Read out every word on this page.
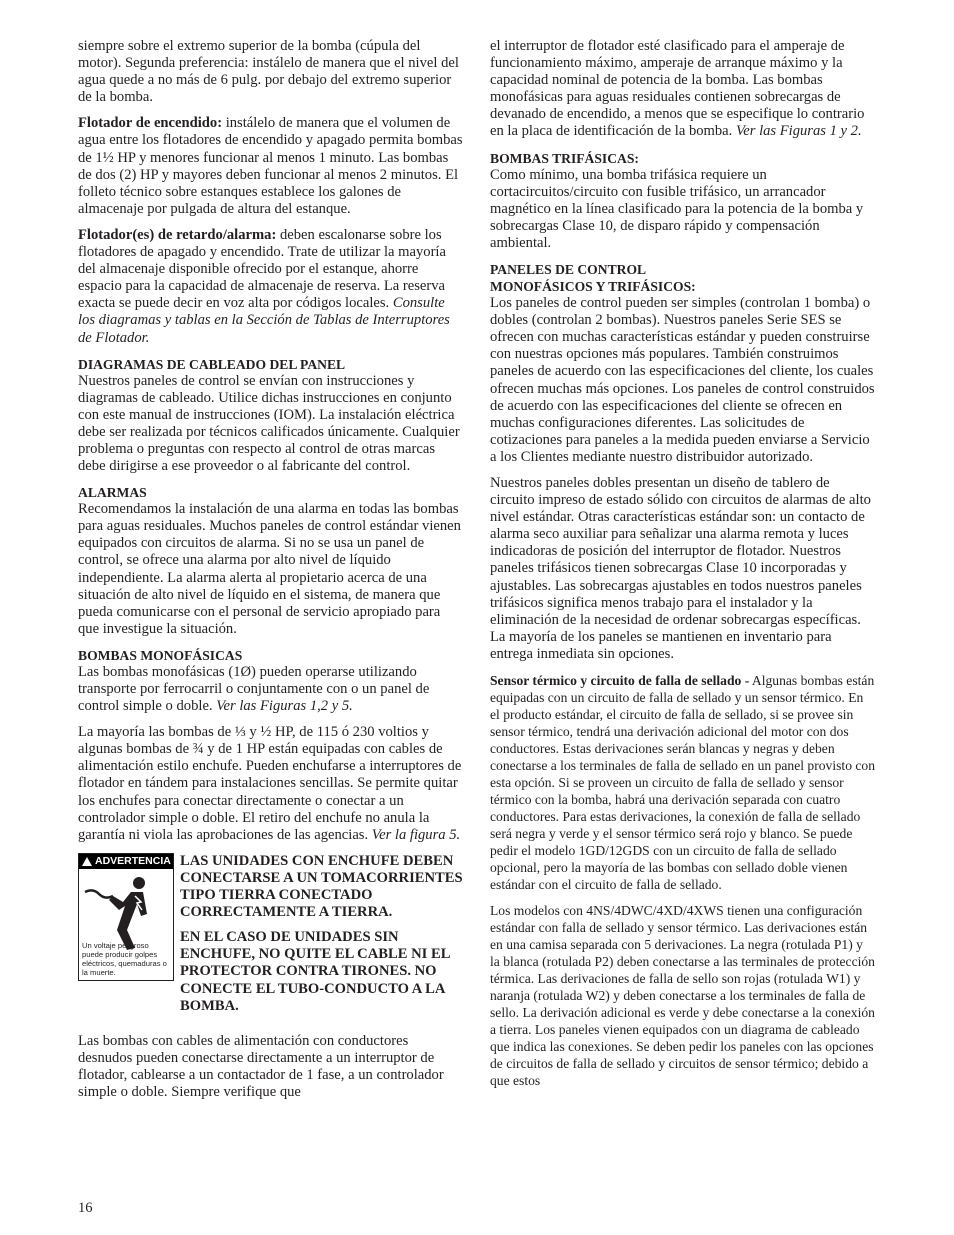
siempre sobre el extremo superior de la bomba (cúpula del motor). Segunda preferencia: instálelo de manera que el nivel del agua quede a no más de 6 pulg. por debajo del extremo superior de la bomba.

Flotador de encendido: instálelo de manera que el volumen de agua entre los flotadores de encendido y apagado permita bombas de 1½ HP y menores funcionar al menos 1 minuto. Las bombas de dos (2) HP y mayores deben funcionar al menos 2 minutos. El folleto técnico sobre estanques establece los galones de almacenaje por pulgada de altura del estanque.

Flotador(es) de retardo/alarma: deben escalonarse sobre los flotadores de apagado y encendido. Trate de utilizar la mayoría del almacenaje disponible ofrecido por el estanque, ahorre espacio para la capacidad de almacenaje de reserva. La reserva exacta se puede decir en voz alta por códigos locales. Consulte los diagramas y tablas en la Sección de Tablas de Interruptores de Flotador.

DIAGRAMAS DE CABLEADO DEL PANEL

Nuestros paneles de control se envían con instrucciones y diagramas de cableado. Utilice dichas instrucciones en conjunto con este manual de instrucciones (IOM). La instalación eléctrica debe ser realizada por técnicos calificados únicamente. Cualquier problema o preguntas con respecto al control de otras marcas debe dirigirse a ese proveedor o al fabricante del control.

ALARMAS

Recomendamos la instalación de una alarma en todas las bombas para aguas residuales. Muchos paneles de control estándar vienen equipados con circuitos de alarma. Si no se usa un panel de control, se ofrece una alarma por alto nivel de líquido independiente. La alarma alerta al propietario acerca de una situación de alto nivel de líquido en el sistema, de manera que pueda comunicarse con el personal de servicio apropiado para que investigue la situación.

BOMBAS MONOFÁSICAS

Las bombas monofásicas (1Ø) pueden operarse utilizando transporte por ferrocarril o conjuntamente con o un panel de control simple o doble. Ver las Figuras 1,2 y 5.

La mayoría las bombas de ⅓ y ½ HP, de 115 ó 230 voltios y algunas bombas de ¾ y de 1 HP están equipadas con cables de alimentación estilo enchufe. Pueden enchufarse a interruptores de flotador en tándem para instalaciones sencillas. Se permite quitar los enchufes para conectar directamente o conectar a un controlador simple o doble. El retiro del enchufe no anula la garantía ni viola las aprobaciones de las agencias. Ver la figura 5.

ADVERTENCIA
Un voltaje peligroso puede producir golpes eléctricos, quemaduras o la muerte.

LAS UNIDADES CON ENCHUFE DEBEN CONECTARSE A UN TOMACORRIENTES TIPO TIERRA CONECTADO CORRECTAMENTE A TIERRA.

EN EL CASO DE UNIDADES SIN ENCHUFE, NO QUITE EL CABLE NI EL PROTECTOR CONTRA TIRONES. NO CONECTE EL TUBO-CONDUCTO A LA BOMBA.

Las bombas con cables de alimentación con conductores desnudos pueden conectarse directamente a un interruptor de flotador, cablearse a un contactador de 1 fase, a un controlador simple o doble. Siempre verifique que

el interruptor de flotador esté clasificado para el amperaje de funcionamiento máximo, amperaje de arranque máximo y la capacidad nominal de potencia de la bomba. Las bombas monofásicas para aguas residuales contienen sobrecargas de devanado de encendido, a menos que se especifique lo contrario en la placa de identificación de la bomba. Ver las Figuras 1 y 2.

BOMBAS TRIFÁSICAS:

Como mínimo, una bomba trifásica requiere un cortacircuitos/circuito con fusible trifásico, un arrancador magnético en la línea clasificado para la potencia de la bomba y sobrecargas Clase 10, de disparo rápido y compensación ambiental.

PANELES DE CONTROL
MONOFÁSICOS Y TRIFÁSICOS:

Los paneles de control pueden ser simples (controlan 1 bomba) o dobles (controlan 2 bombas). Nuestros paneles Serie SES se ofrecen con muchas características estándar y pueden construirse con nuestras opciones más populares. También construimos paneles de acuerdo con las especificaciones del cliente, los cuales ofrecen muchas más opciones. Los paneles de control construidos de acuerdo con las especificaciones del cliente se ofrecen en muchas configuraciones diferentes. Las solicitudes de cotizaciones para paneles a la medida pueden enviarse a Servicio a los Clientes mediante nuestro distribuidor autorizado.

Nuestros paneles dobles presentan un diseño de tablero de circuito impreso de estado sólido con circuitos de alarmas de alto nivel estándar. Otras características estándar son: un contacto de alarma seco auxiliar para señalizar una alarma remota y luces indicadoras de posición del interruptor de flotador. Nuestros paneles trifásicos tienen sobrecargas Clase 10 incorporadas y ajustables. Las sobrecargas ajustables en todos nuestros paneles trifásicos significa menos trabajo para el instalador y la eliminación de la necesidad de ordenar sobrecargas específicas. La mayoría de los paneles se mantienen en inventario para entrega inmediata sin opciones.

Sensor térmico y circuito de falla de sellado - Algunas bombas están equipadas con un circuito de falla de sellado y un sensor térmico. En el producto estándar, el circuito de falla de sellado, si se provee sin sensor térmico, tendrá una derivación adicional del motor con dos conductores. Estas derivaciones serán blancas y negras y deben conectarse a los terminales de falla de sellado en un panel provisto con esta opción. Si se proveen un circuito de falla de sellado y sensor térmico con la bomba, habrá una derivación separada con cuatro conductores. Para estas derivaciones, la conexión de falla de sellado será negra y verde y el sensor térmico será rojo y blanco. Se puede pedir el modelo 1GD/12GDS con un circuito de falla de sellado opcional, pero la mayoría de las bombas con sellado doble vienen estándar con el circuito de falla de sellado.

Los modelos con 4NS/4DWC/4XD/4XWS tienen una configuración estándar con falla de sellado y sensor térmico. Las derivaciones están en una camisa separada con 5 derivaciones. La negra (rotulada P1) y la blanca (rotulada P2) deben conectarse a las terminales de protección térmica. Las derivaciones de falla de sello son rojas (rotulada W1) y naranja (rotulada W2) y deben conectarse a los terminales de falla de sello. La derivación adicional es verde y debe conectarse a la conexión a tierra. Los paneles vienen equipados con un diagrama de cableado que indica las conexiones. Se deben pedir los paneles con las opciones de circuitos de falla de sellado y circuitos de sensor térmico; debido a que estos

16
